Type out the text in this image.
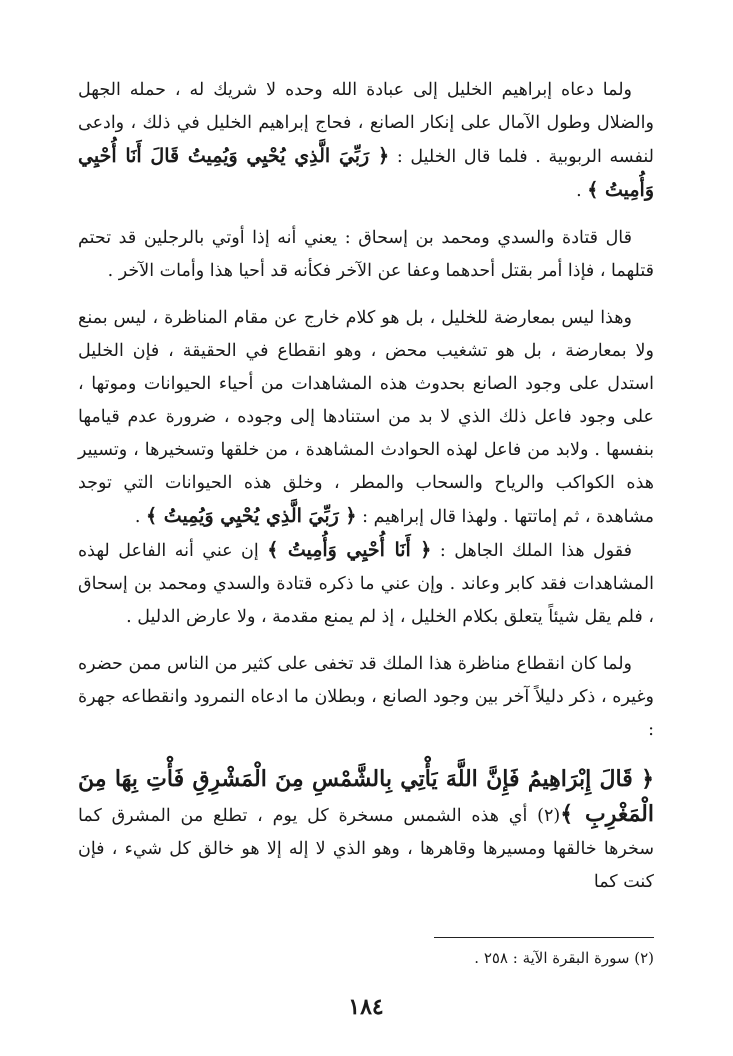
ولما دعاه إبراهيم الخليل إلى عبادة الله وحده لا شريك له ، حمله الجهل والضلال وطول الآمال على إنكار الصانع ، فحاج إبراهيم الخليل في ذلك ، وادعى لنفسه الربوبية . فلما قال الخليل : ﴿ رَبِّيَ الَّذِي يُحْيِي وَيُمِيتُ قَالَ أَنَا أُحْيِي وَأُمِيتُ ﴾ .

قال قتادة والسدي ومحمد بن إسحاق : يعني أنه إذا أوتي بالرجلين قد تحتم قتلهما ، فإذا أمر بقتل أحدهما وعفا عن الآخر فكأنه قد أحيا هذا وأمات الآخر .

وهذا ليس بمعارضة للخليل ، بل هو كلام خارج عن مقام المناظرة ، ليس بمنع ولا بمعارضة ، بل هو تشغيب محض ، وهو انقطاع في الحقيقة ، فإن الخليل استدل على وجود الصانع بحدوث هذه المشاهدات من أحياء الحيوانات وموتها ، على وجود فاعل ذلك الذي لا بد من استنادها إلى وجوده ، ضرورة عدم قيامها بنفسها . ولابد من فاعل لهذه الحوادث المشاهدة ، من خلقها وتسخيرها ، وتسيير هذه الكواكب والرياح والسحاب والمطر ، وخلق هذه الحيوانات التي توجد مشاهدة ، ثم إماتتها . ولهذا قال إبراهيم : ﴿ رَبِّيَ الَّذِي يُحْيِي وَيُمِيتُ ﴾ .

فقول هذا الملك الجاهل : ﴿ أَنَا أُحْيِي وَأُمِيتُ ﴾ إن عني أنه الفاعل لهذه المشاهدات فقد كابر وعاند . وإن عني ما ذكره قتادة والسدي ومحمد بن إسحاق ، فلم يقل شيئاً يتعلق بكلام الخليل ، إذ لم يمنع مقدمة ، ولا عارض الدليل .

ولما كان انقطاع مناظرة هذا الملك قد تخفى على كثير من الناس ممن حضره وغيره ، ذكر دليلاً آخر بين وجود الصانع ، وبطلان ما ادعاه النمرود وانقطاعه جهرة :

﴿ قَالَ إِبْرَاهِيمُ فَإِنَّ اللَّهَ يَأْتِي بِالشَّمْسِ مِنَ الْمَشْرِقِ فَأْتِ بِهَا مِنَ الْمَغْرِبِ ﴾(٢) أي هذه الشمس مسخرة كل يوم ، تطلع من المشرق كما سخرها خالقها ومسيرها وقاهرها ، وهو الذي لا إله إلا هو خالق كل شيء ، فإن كنت كما

(٢) سورة البقرة الآية : ٢٥٨ .
١٨٤
